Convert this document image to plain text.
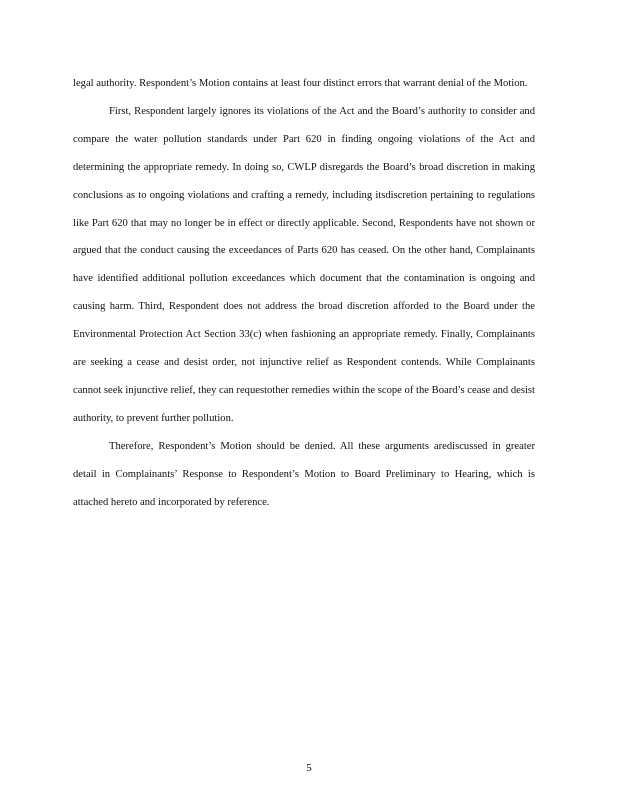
legal authority. Respondent’s Motion contains at least four distinct errors that warrant denial of the Motion.

First, Respondent largely ignores its violations of the Act and the Board’s authority to consider and compare the water pollution standards under Part 620 in finding ongoing violations of the Act and determining the appropriate remedy. In doing so, CWLP disregards the Board’s broad discretion in making conclusions as to ongoing violations and crafting a remedy, including itsdiscretion pertaining to regulations like Part 620 that may no longer be in effect or directly applicable. Second, Respondents have not shown or argued that the conduct causing the exceedances of Parts 620 has ceased. On the other hand, Complainants have identified additional pollution exceedances which document that the contamination is ongoing and causing harm. Third, Respondent does not address the broad discretion afforded to the Board under the Environmental Protection Act Section 33(c) when fashioning an appropriate remedy. Finally, Complainants are seeking a cease and desist order, not injunctive relief as Respondent contends. While Complainants cannot seek injunctive relief, they can requestother remedies within the scope of the Board’s cease and desist authority, to prevent further pollution.

Therefore, Respondent’s Motion should be denied. All these arguments arediscussed in greater detail in Complainants’ Response to Respondent’s Motion to Board Preliminary to Hearing, which is attached hereto and incorporated by reference.

5
